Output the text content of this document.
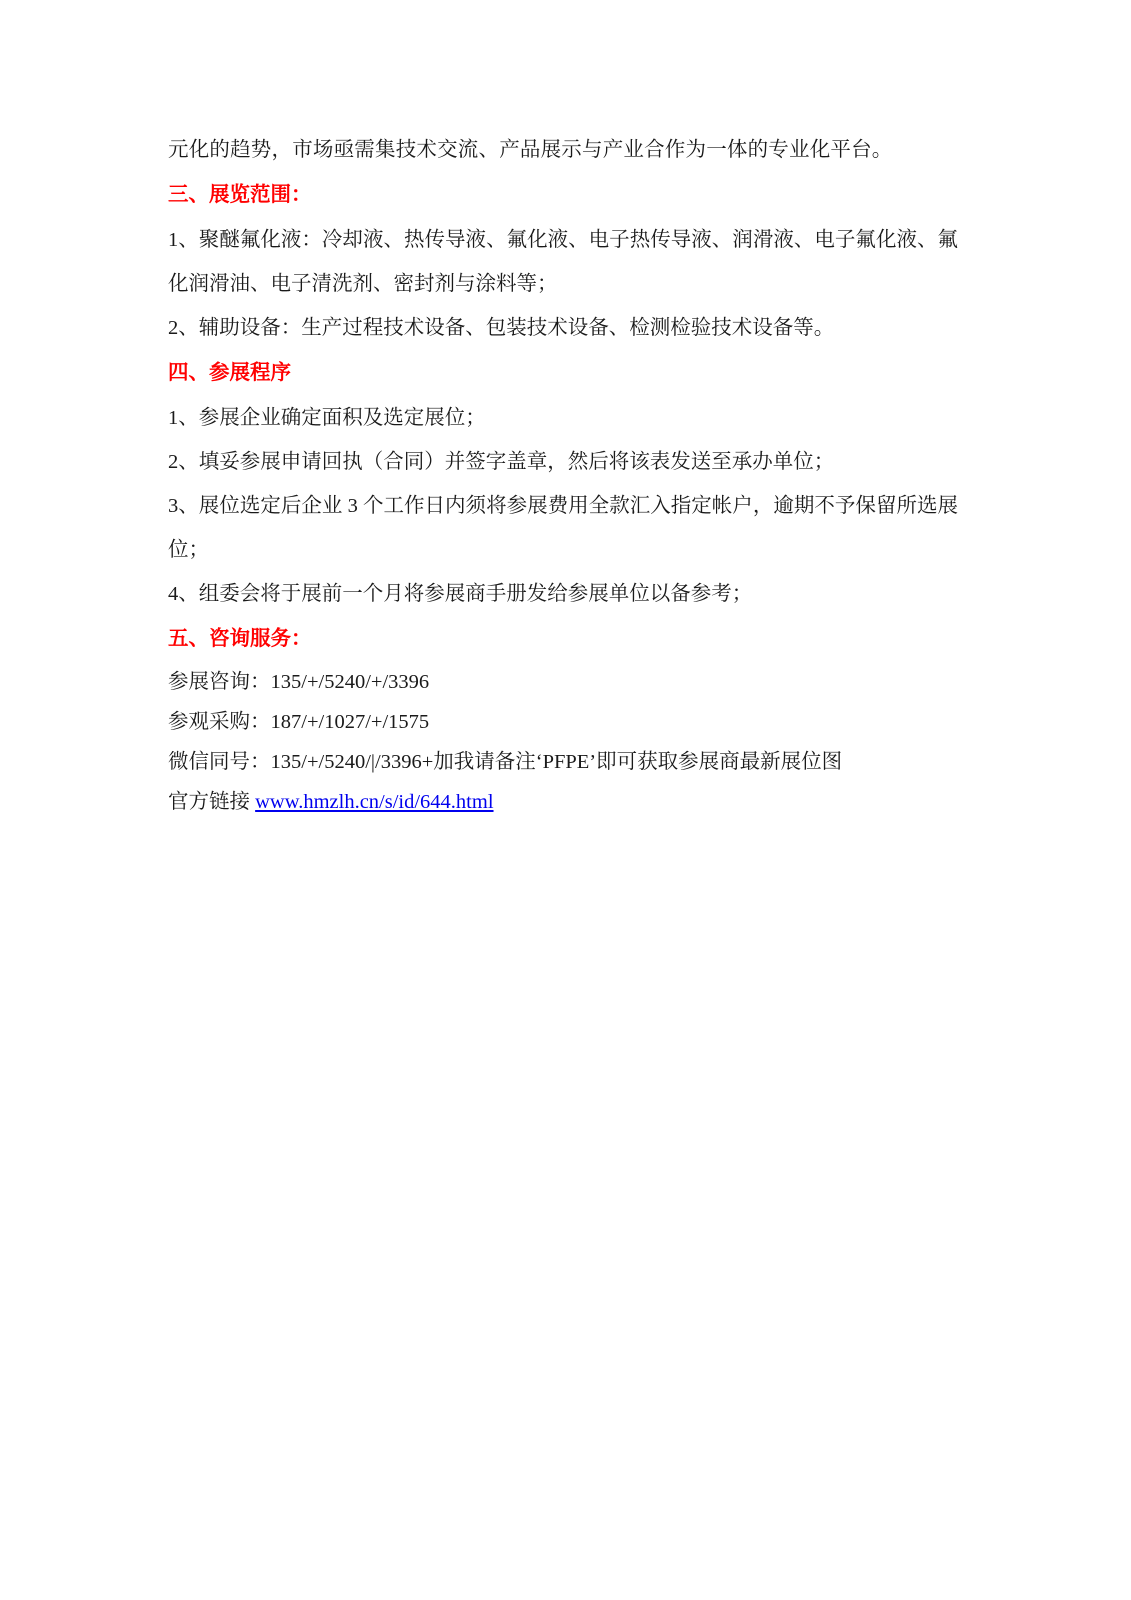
元化的趋势，市场亟需集技术交流、产品展示与产业合作为一体的专业化平台。

三、展览范围：

1、聚醚氟化液：冷却液、热传导液、氟化液、电子热传导液、润滑液、电子氟化液、氟化润滑油、电子清洗剂、密封剂与涂料等；

2、辅助设备：生产过程技术设备、包装技术设备、检测检验技术设备等。

四、参展程序

1、参展企业确定面积及选定展位；

2、填妥参展申请回执（合同）并签字盖章，然后将该表发送至承办单位；

3、展位选定后企业 3 个工作日内须将参展费用全款汇入指定帐户，逾期不予保留所选展位；

4、组委会将于展前一个月将参展商手册发给参展单位以备参考；

五、咨询服务：

参展咨询：135/+/5240/+/3396

参观采购：187/+/1027/+/1575

微信同号：135/+/5240/|/3396+加我请备注‘PFPE’即可获取参展商最新展位图

官方链接 www.hmzlh.cn/s/id/644.html
